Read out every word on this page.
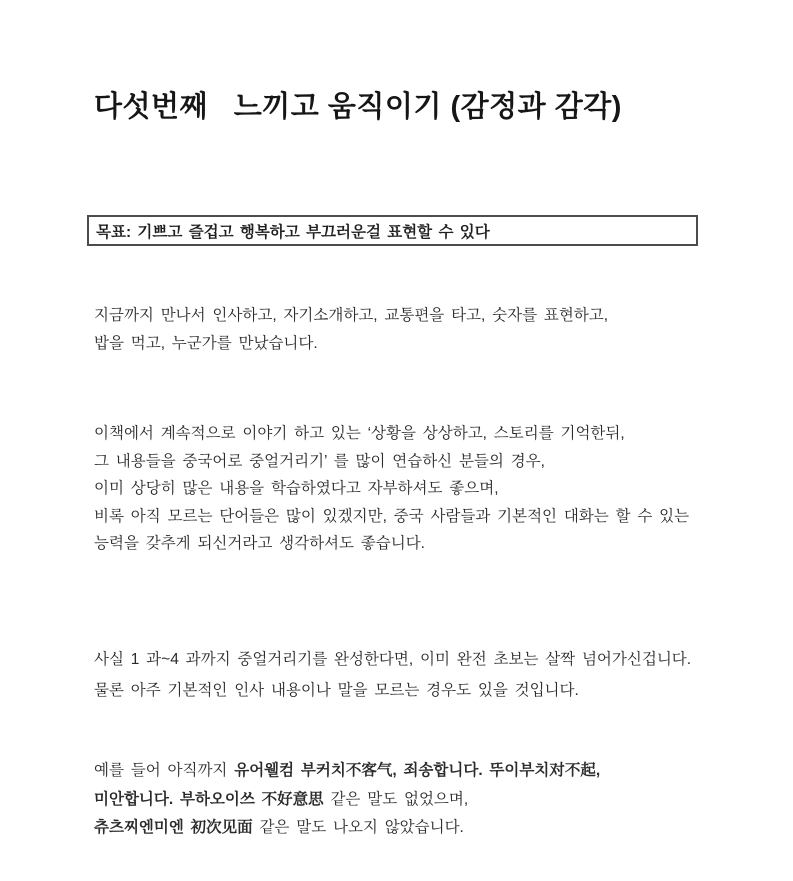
다섯번째   느끼고 움직이기 (감정과 감각)

목표: 기쁘고 즐겁고 행복하고 부끄러운걸 표현할 수 있다

지금까지 만나서 인사하고, 자기소개하고, 교통편을 타고, 숫자를 표현하고,
밥을 먹고, 누군가를 만났습니다.

이책에서 계속적으로 이야기 하고 있는 ‘상황을 상상하고, 스토리를 기억한뒤,
그 내용들을 중국어로 중얼거리기’ 를 많이 연습하신 분들의 경우,
이미 상당히 많은 내용을 학습하였다고 자부하셔도 좋으며,
비록 아직 모르는 단어들은 많이 있겠지만, 중국 사람들과 기본적인 대화는 할 수 있는
능력을 갖추게 되신거라고 생각하셔도 좋습니다.

사실 1 과~4 과까지 중얼거리기를 완성한다면, 이미 완전 초보는 살짝 넘어가신겁니다.
물론 아주 기본적인 인사 내용이나 말을 모르는 경우도 있을 것입니다.

예를 들어 아직까지 유어웰컴 부커치不客气, 죄송합니다. 뚜이부치对不起,
미안합니다. 부하오이쓰 不好意思 같은 말도 없었으며,
츄츠찌엔미엔 初次见面 같은 말도 나오지 않았습니다.
